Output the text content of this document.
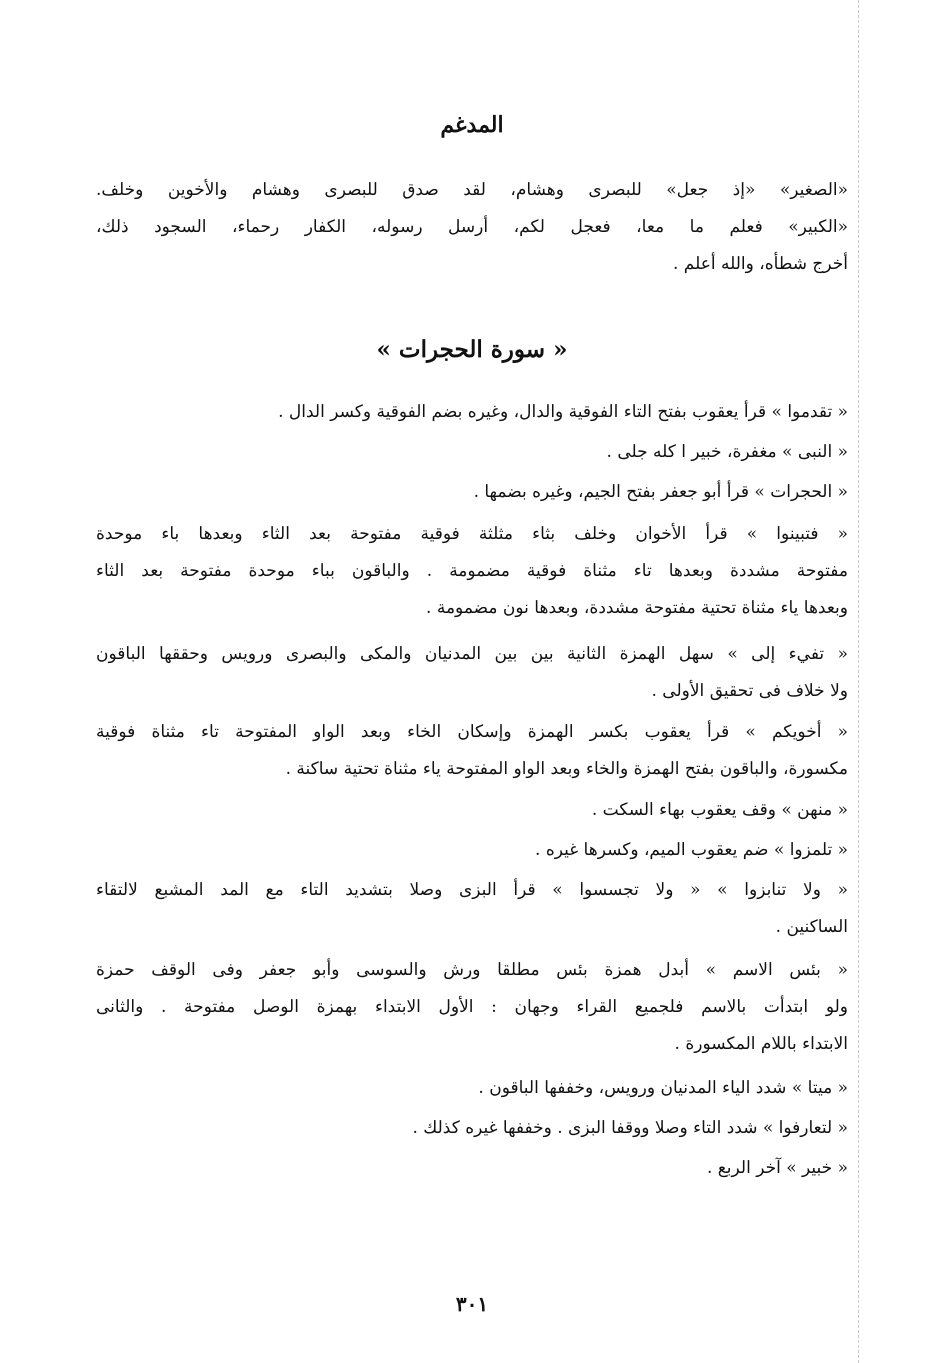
المدغم
«الصغير» «إذ جعل» للبصرى وهشام، لقد صدق للبصرى وهشام والأخوين وخلف.
«الكبير» فعلم ما معا، فعجل لكم، أرسل رسوله، الكفار رحماء، السجود ذلك،
أخرج شطأه، والله أعلم .
« سورة الحجرات »
« تقدموا » قرأ يعقوب بفتح التاء الفوقية والدال، وغيره بضم الفوقية وكسر الدال .
« النبى » مغفرة، خبير ا كله جلى .
« الحجرات » قرأ أبو جعفر بفتح الجيم، وغيره بضمها .
« فتبينوا » قرأ الأخوان وخلف بثاء مثلثة فوقية مفتوحة بعد الثاء وبعدها باء موحدة
مفتوحة مشددة وبعدها تاء مثناة فوقية مضمومة . والباقون بباء موحدة مفتوحة بعد الثاء
وبعدها ياء مثناة تحتية مفتوحة مشددة، وبعدها نون مضمومة .
« تفيء إلى » سهل الهمزة الثانية بين بين المدنيان والمكى والبصرى ورويس وحققها الباقون
ولا خلاف فى تحقيق الأولى .
« أخويكم » قرأ يعقوب بكسر الهمزة وإسكان الخاء وبعد الواو المفتوحة تاء مثناة فوقية
مكسورة، والباقون بفتح الهمزة والخاء وبعد الواو المفتوحة ياء مثناة تحتية ساكنة .
« منهن » وقف يعقوب بهاء السكت .
« تلمزوا » ضم يعقوب الميم، وكسرها غيره .
« ولا تنابزوا » « ولا تجسسوا » قرأ البزى وصلا بتشديد التاء مع المد المشبع لالتقاء
الساكنين .
« بئس الاسم » أبدل همزة بئس مطلقا ورش والسوسى وأبو جعفر وفى الوقف حمزة
ولو ابتدأت بالاسم فلجميع القراء وجهان : الأول الابتداء بهمزة الوصل مفتوحة . والثانى
الابتداء باللام المكسورة .
« ميتا » شدد الياء المدنيان ورويس، وخففها الباقون .
« لتعارفوا » شدد التاء وصلا ووقفا البزى . وخففها غيره كذلك .
« خبير » آخر الربع .
٣٠١
